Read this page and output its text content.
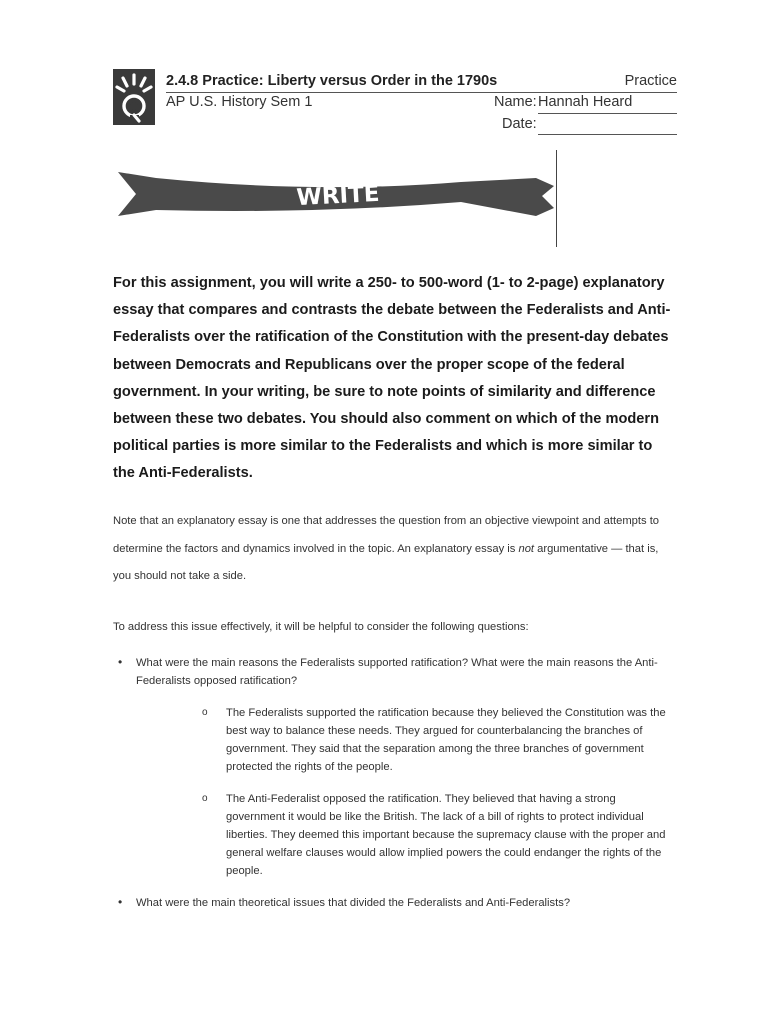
2.4.8 Practice: Liberty versus Order in the 1790s	Practice
AP U.S. History Sem 1	Name: Hannah Heard
Date:
WRITE
For this assignment, you will write a 250- to 500-word (1- to 2-page) explanatory essay that compares and contrasts the debate between the Federalists and Anti-Federalists over the ratification of the Constitution with the present-day debates between Democrats and Republicans over the proper scope of the federal government. In your writing, be sure to note points of similarity and difference between these two debates. You should also comment on which of the modern political parties is more similar to the Federalists and which is more similar to the Anti-Federalists.
Note that an explanatory essay is one that addresses the question from an objective viewpoint and attempts to determine the factors and dynamics involved in the topic. An explanatory essay is not argumentative — that is, you should not take a side.
To address this issue effectively, it will be helpful to consider the following questions:
• What were the main reasons the Federalists supported ratification? What were the main reasons the Anti-Federalists opposed ratification?
o The Federalists supported the ratification because they believed the Constitution was the best way to balance these needs. They argued for counterbalancing the branches of government. They said that the separation among the three branches of government protected the rights of the people.
o The Anti-Federalist opposed the ratification. They believed that having a strong government it would be like the British. The lack of a bill of rights to protect individual liberties. They deemed this important because the supremacy clause with the proper and general welfare clauses would allow implied powers the could endanger the rights of the people.
• What were the main theoretical issues that divided the Federalists and Anti-Federalists?
